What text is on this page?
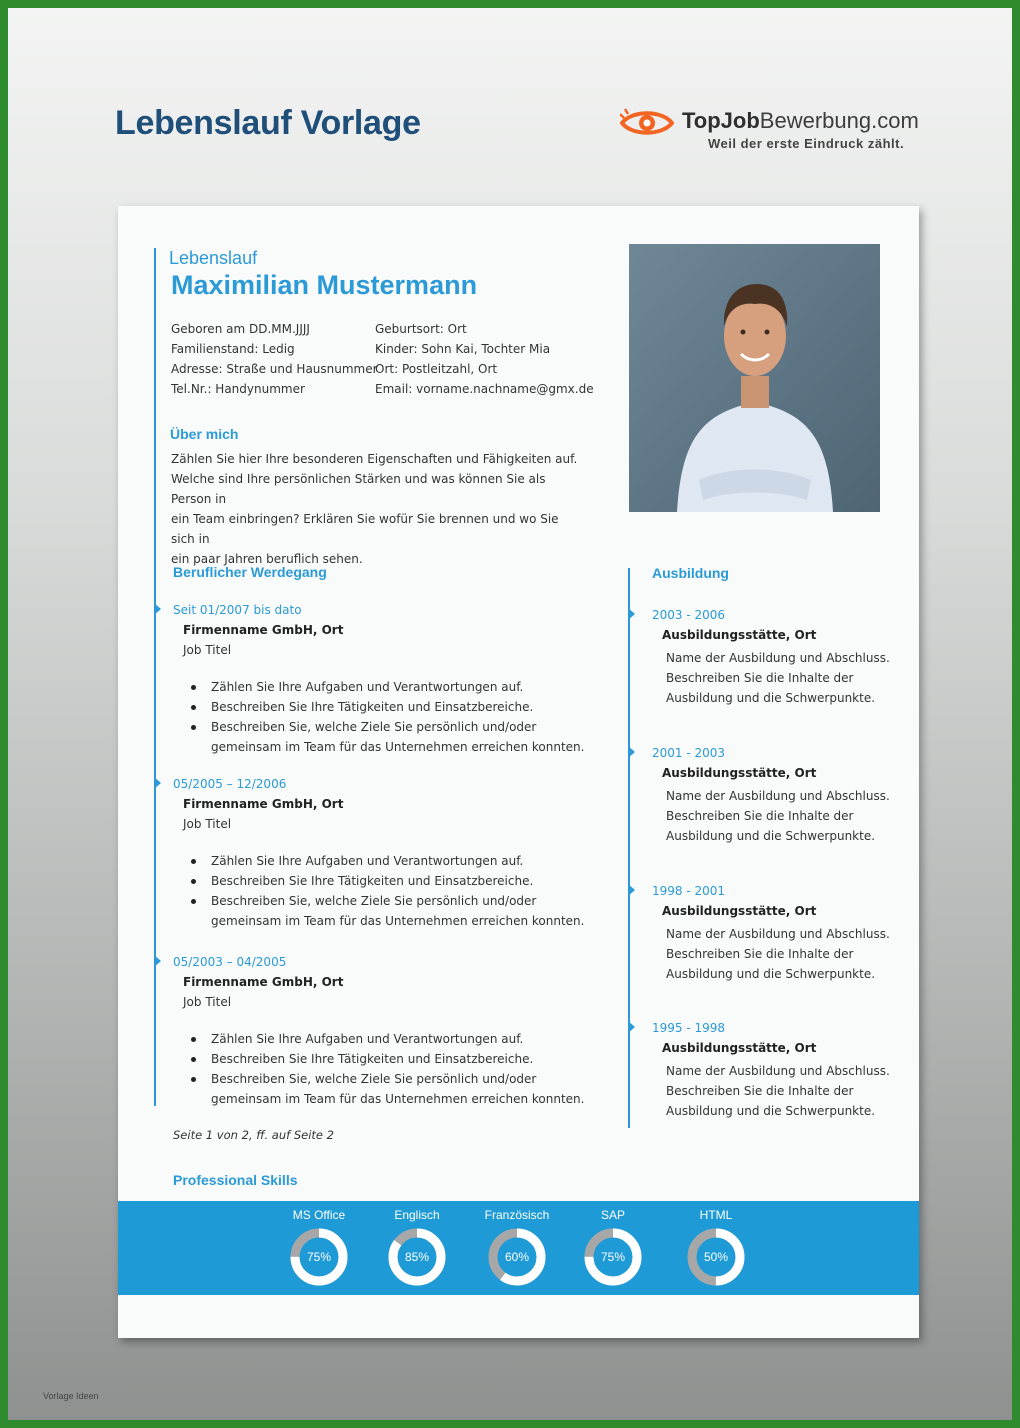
Lebenslauf Vorlage	TopJobBewerbung.com
Weil der erste Eindruck zählt.
Lebenslauf
Maximilian Mustermann
Geboren am DD.MM.JJJJ
Familienstand: Ledig
Adresse: Straße und Hausnummer
Tel.Nr.: Handynummer
Geburtsort: Ort
Kinder: Sohn Kai, Tochter Mia
Ort: Postleitzahl, Ort
Email: vorname.nachname@gmx.de
Über mich
Zählen Sie hier Ihre besonderen Eigenschaften und Fähigkeiten auf.
Welche sind Ihre persönlichen Stärken und was können Sie als Person in
ein Team einbringen? Erklären Sie wofür Sie brennen und wo Sie sich in
ein paar Jahren beruflich sehen.
Beruflicher Werdegang
Seit 01/2007 bis dato
Firmenname GmbH, Ort
Job Titel
Zählen Sie Ihre Aufgaben und Verantwortungen auf.
Beschreiben Sie Ihre Tätigkeiten und Einsatzbereiche.
Beschreiben Sie, welche Ziele Sie persönlich und/oder gemeinsam im Team für das Unternehmen erreichen konnten.
05/2005 – 12/2006
Firmenname GmbH, Ort
Job Titel
Zählen Sie Ihre Aufgaben und Verantwortungen auf.
Beschreiben Sie Ihre Tätigkeiten und Einsatzbereiche.
Beschreiben Sie, welche Ziele Sie persönlich und/oder gemeinsam im Team für das Unternehmen erreichen konnten.
05/2003 – 04/2005
Firmenname GmbH, Ort
Job Titel
Zählen Sie Ihre Aufgaben und Verantwortungen auf.
Beschreiben Sie Ihre Tätigkeiten und Einsatzbereiche.
Beschreiben Sie, welche Ziele Sie persönlich und/oder gemeinsam im Team für das Unternehmen erreichen konnten.
Ausbildung
2003 - 2006
Ausbildungsstätte, Ort
Name der Ausbildung und Abschluss. Beschreiben Sie die Inhalte der Ausbildung und die Schwerpunkte.
2001 - 2003
Ausbildungsstätte, Ort
Name der Ausbildung und Abschluss. Beschreiben Sie die Inhalte der Ausbildung und die Schwerpunkte.
1998 - 2001
Ausbildungsstätte, Ort
Name der Ausbildung und Abschluss. Beschreiben Sie die Inhalte der Ausbildung und die Schwerpunkte.
1995 - 1998
Ausbildungsstätte, Ort
Name der Ausbildung und Abschluss. Beschreiben Sie die Inhalte der Ausbildung und die Schwerpunkte.
Seite 1 von 2, ff. auf Seite 2
Professional Skills
MS Office
75%
Englisch
85%
Französisch
60%
SAP
75%
HTML
50%
Vorlage Ideen
